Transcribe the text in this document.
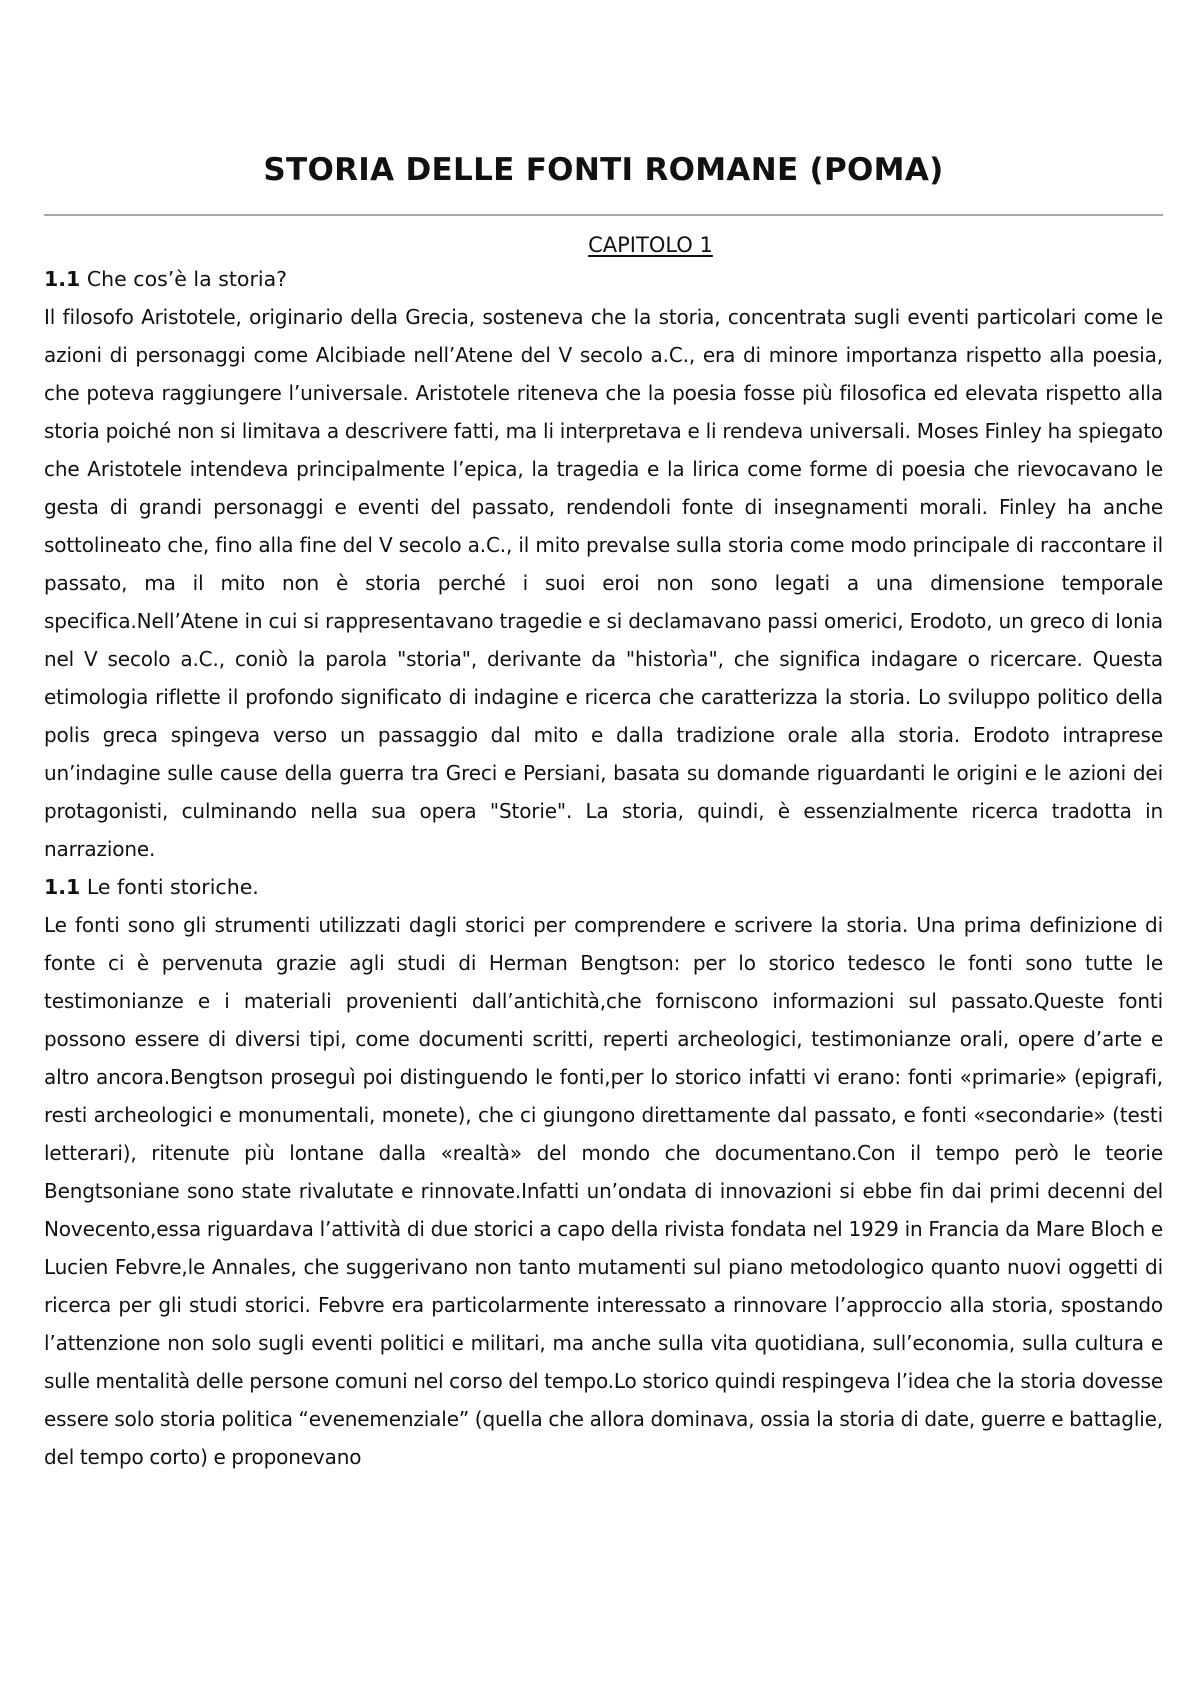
STORIA DELLE FONTI ROMANE (POMA)
CAPITOLO 1
1.1 Che cos’è la storia?

Il filosofo Aristotele, originario della Grecia, sosteneva che la storia, concentrata sugli eventi particolari come le azioni di personaggi come Alcibiade nell’Atene del V secolo a.C., era di minore importanza rispetto alla poesia, che poteva raggiungere l’universale. Aristotele riteneva che la poesia fosse più filosofica ed elevata rispetto alla storia poiché non si limitava a descrivere fatti, ma li interpretava e li rendeva universali. Moses Finley ha spiegato che Aristotele intendeva principalmente l’epica, la tragedia e la lirica come forme di poesia che rievocavano le gesta di grandi personaggi e eventi del passato, rendendoli fonte di insegnamenti morali. Finley ha anche sottolineato che, fino alla fine del V secolo a.C., il mito prevalse sulla storia come modo principale di raccontare il passato, ma il mito non è storia perché i suoi eroi non sono legati a una dimensione temporale specifica.Nell’Atene in cui si rappresentavano tragedie e si declamavano passi omerici, Erodoto, un greco di Ionia nel V secolo a.C., coniò la parola "storia", derivante da "historìa", che significa indagare o ricercare. Questa etimologia riflette il profondo significato di indagine e ricerca che caratterizza la storia. Lo sviluppo politico della polis greca spingeva verso un passaggio dal mito e dalla tradizione orale alla storia. Erodoto intraprese un’indagine sulle cause della guerra tra Greci e Persiani, basata su domande riguardanti le origini e le azioni dei protagonisti, culminando nella sua opera "Storie". La storia, quindi, è essenzialmente ricerca tradotta in narrazione.

1.1 Le fonti storiche.

Le fonti sono gli strumenti utilizzati dagli storici per comprendere e scrivere la storia. Una prima definizione di fonte ci è pervenuta grazie agli studi di Herman Bengtson: per lo storico tedesco le fonti sono tutte le testimonianze e i materiali provenienti dall’antichità,che forniscono informazioni sul passato.Queste fonti possono essere di diversi tipi, come documenti scritti, reperti archeologici, testimonianze orali, opere d’arte e altro ancora.Bengtson proseguì poi distinguendo le fonti,per lo storico infatti vi erano: fonti «primarie» (epigrafi, resti archeologici e monumentali, monete), che ci giungono direttamente dal passato, e fonti «secondarie» (testi letterari), ritenute più lontane dalla «realtà» del mondo che documentano.Con il tempo però le teorie Bengtsoniane sono state rivalutate e rinnovate.Infatti un’ondata di innovazioni si ebbe fin dai primi decenni del Novecento,essa riguardava l’attività di due storici a capo della rivista fondata nel 1929 in Francia da Mare Bloch e Lucien Febvre,le Annales, che suggerivano non tanto mutamenti sul piano metodologico quanto nuovi oggetti di ricerca per gli studi storici. Febvre era particolarmente interessato a rinnovare l’approccio alla storia, spostando l’attenzione non solo sugli eventi politici e militari, ma anche sulla vita quotidiana, sull’economia, sulla cultura e sulle mentalità delle persone comuni nel corso del tempo.Lo storico quindi respingeva l’idea che la storia dovesse essere solo storia politica “evenemenziale” (quella che allora dominava, ossia la storia di date, guerre e battaglie, del tempo corto) e proponevano
